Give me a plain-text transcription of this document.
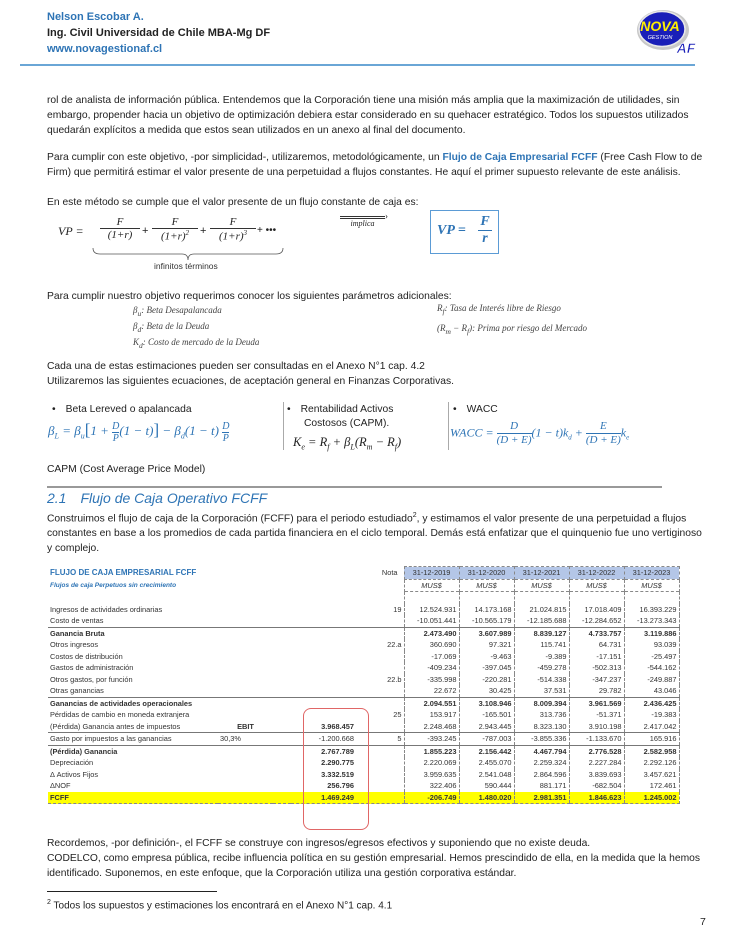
Nelson Escobar A.
Ing. Civil Universidad de Chile MBA-Mg DF
www.novagestionaf.cl
NOVA
GESTION
AF
rol de analista de información pública. Entendemos que la Corporación tiene una misión más amplia que la maximización de utilidades, sin embargo, propender hacia un objetivo de optimización debiera estar considerado en su quehacer estratégico. Todos los supuestos utilizados quedarán explícitos a medida que estos sean utilizados en un anexo al final del documento.
Para cumplir con este objetivo, -por simplicidad-, utilizaremos, metodológicamente, un Flujo de Caja Empresarial FCFF (Free Cash Flow to de Firm) que permitirá estimar el valor presente de una perpetuidad a flujos constantes. He aquí el primer supuesto relevante de este análisis.
En este método se cumple que el valor presente de un flujo constante de caja es:
VP = $\frac{F}{(1+r)}$ +
F
$(1+r)^2$ +
F
$(1+r)^3$ + •••
infinitos términos
›
implica	VP = $\frac{F}{r}$
Para cumplir nuestro objetivo requerimos conocer los siguientes parámetros adicionales:
$\beta_u$: Beta Desapalancada
$\beta_d$: Beta de la Deuda
$K_d$: Costo de mercado de la Deuda
$R_f$: Tasa de Interés libre de Riesgo
$(R_m - R_f)$: Prima por riesgo del Mercado
Cada una de estas estimaciones pueden ser consultadas en el Anexo N°1 cap. 4.2
Utilizaremos las siguientes ecuaciones, de aceptación general en Finanzas Corporativas.
• Beta Lereved o apalancada
$\beta_L = \beta_u[1 + \frac{D}{P} (1 - t)] - \beta_d(1 - t) \frac{D}{P}$
• Rentabilidad Activos
Costosos (CAPM).
$K_e = R_f + \beta_L(R_m - R_f)$
• WACC
WACC = $\frac{D}{(D + E)} (1 - t)k_d + \frac{E}{(D + E)} k_e$
CAPM (Cost Average Price Model)
2.1 Flujo de Caja Operativo FCFF
Construimos el flujo de caja de la Corporación (FCFF) para el periodo estudiado$^2$, y estimamos el valor presente de una perpetuidad a flujos constantes en base a los promedios de cada partida financiera en el ciclo temporal. Demás está enfatizar que el quinquenio fue uno vertiginoso y complejo.
FLUJO DE CAJA EMPRESARIAL FCFF		Nota	31-12-2019	31-12-2020	31-12-2021	31-12-2022	31-12-2023
Flujos de caja Perpetuos sin crecimiento			MUS$	MUS$	MUS$	MUS$	MUS$

Ingresos de actividades ordinarias				19	12.524.931	14.173.168	21.024.815	17.018.409	16.393.229
Costo de ventas					-10.051.441	-10.565.179	-12.185.688	-12.284.652	-13.273.343
Ganancia Bruta					2.473.490	3.607.989	8.839.127	4.733.757	3.119.886
Otros ingresos				22.a	360.690	97.321	115.741	64.731	93.039
Costos de distribución					-17.069	-9.463	-9.389	-17.151	-25.497
Gastos de administración					-409.234	-397.045	-459.278	-502.313	-544.162
Otros gastos, por función				22.b	-335.998	-220.281	-514.338	-347.237	-249.887
Otras ganancias					22.672	30.425	37.531	29.782	43.046
Ganancias de actividades operacionales					2.094.551	3.108.946	8.009.394	3.961.569	2.436.425
Pérdidas de cambio en moneda extranjera				25	153.917	-165.501	313.736	-51.371	-19.383
(Pérdida) Ganancia antes de impuestos	EBIT		3.968.457		2.248.468	2.943.445	8.323.130	3.910.198	2.417.042
Gasto por impuestos a las ganancias	30,3%		-1.200.668	5	-393.245	-787.003	-3.855.336	-1.133.670	165.916
(Pérdida) Ganancia			2.767.789		1.855.223	2.156.442	4.467.794	2.776.528	2.582.958
Depreciación			2.290.775		2.220.069	2.455.070	2.259.324	2.227.284	2.292.126
Δ Activos Fijos			3.332.519		3.959.635	2.541.048	2.864.596	3.839.693	3.457.621
ΔNOF			256.796		322.406	590.444	881.171	-682.504	172.461
FCFF			1.469.249		-206.749	1.480.020	2.981.351	1.846.623	1.245.002
Recordemos, -por definición-, el FCFF se construye con ingresos/egresos efectivos y suponiendo que no existe deuda.
CODELCO, como empresa pública, recibe influencia política en su gestión empresarial. Hemos prescindido de ella, en la medida que la hemos identificado. Suponemos, en este enfoque, que la Corporación utiliza una gestión corporativa estándar.
$^2$ Todos los supuestos y estimaciones los encontrará en el Anexo N°1 cap. 4.1
7
